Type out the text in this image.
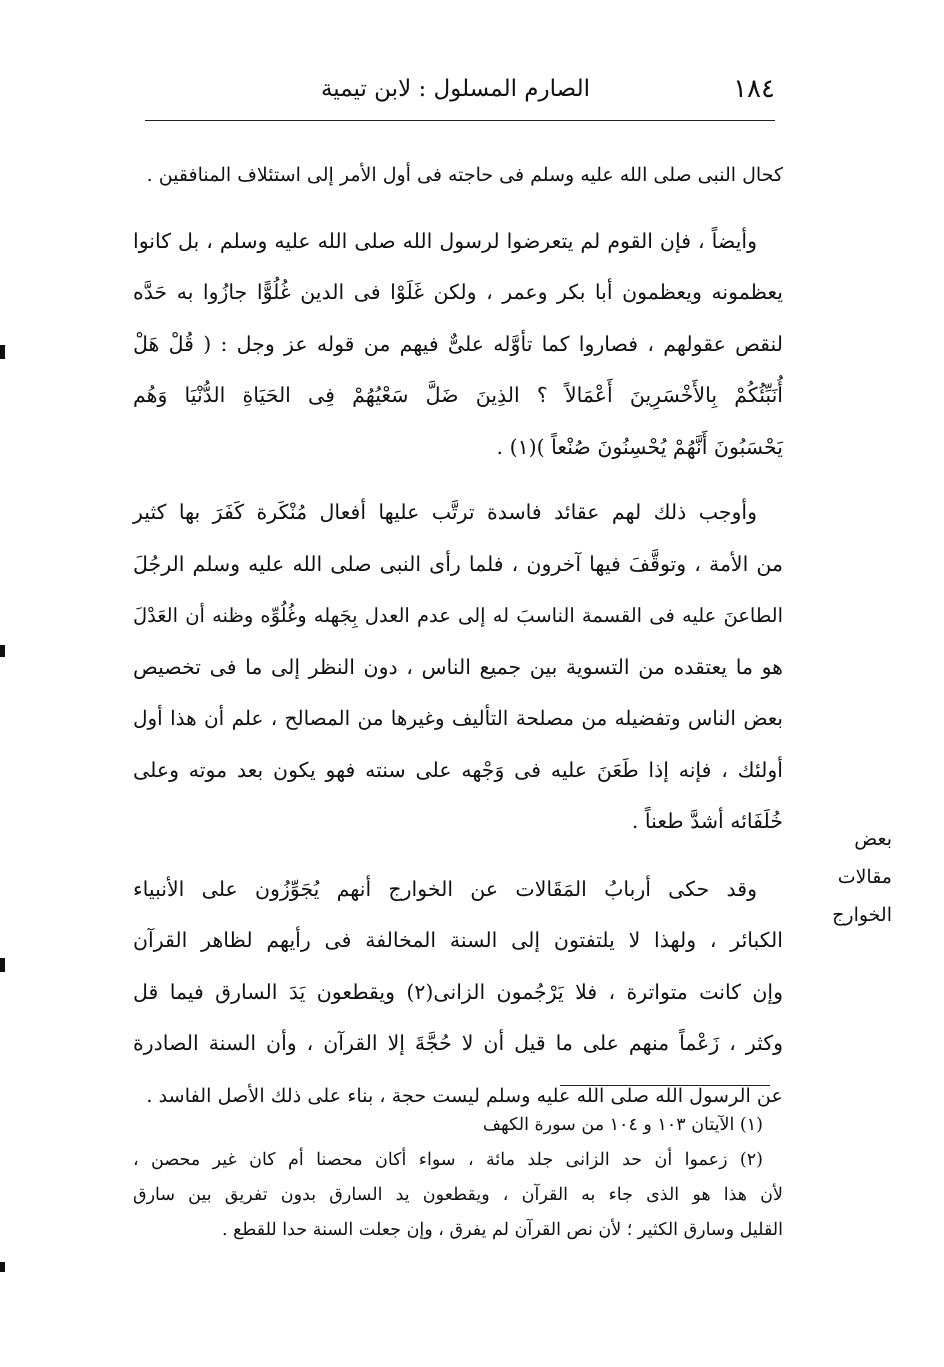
١٨٤
الصارم المسلول : لابن تيمية

كحال النبى صلى الله عليه وسلم فى حاجته فى أول الأمر إلى استئلاف المنافقين .

وأيضاً ، فإن القوم لم يتعرضوا لرسول الله صلى الله عليه وسلم ، بل كانوا
يعظمونه ويعظمون أبا بكر وعمر ، ولكن غَلَوْا فى الدين غُلُوًّا جازُوا به حَدَّه
لنقص عقولهم ، فصاروا كما تأوَّله علىٌّ فيهم من قوله عز وجل : ( قُلْ هَلْ
أُنَبِّئُكُمْ بِالأَخْسَرِينَ أَعْمَالاً ؟ الذِينَ ضَلَّ سَعْيُهُمْ فِى الحَيَاةِ الدُّنْيَا وَهُم
يَحْسَبُونَ أَنَّهُمْ يُحْسِنُونَ صُنْعاً )(١) .

وأوجب ذلك لهم عقائد فاسدة ترتَّب عليها أفعال مُنْكَرة كَفَرَ بها كثير
من الأمة ، وتوقَّفَ فيها آخرون ، فلما رأى النبى صلى الله عليه وسلم الرجُلَ
الطاعنَ عليه فى القسمة الناسبَ له إلى عدم العدل بِجَهله وغُلُوِّه وظنه أن العَدْلَ
هو ما يعتقده من التسوية بين جميع الناس ، دون النظر إلى ما فى تخصيص
بعض الناس وتفضيله من مصلحة التأليف وغيرها من المصالح ، علم أن هذا أول
أولئك ، فإنه إذا طَعَنَ عليه فى وَجْهه على سنته فهو يكون بعد موته وعلى
خُلَفَائه أشدَّ طعناً .

وقد حكى أربابُ المَقَالات عن الخوارج أنهم يُجَوِّزُون على الأنبياء
الكبائر ، ولهذا لا يلتفتون إلى السنة المخالفة فى رأيهم لظاهر القرآن
وإن كانت متواترة ، فلا يَرْجُمون الزانى(٢) ويقطعون يَدَ السارق فيما قل
وكثر ، زَعْماً منهم على ما قيل أن لا حُجَّةَ إلا القرآن ، وأن السنة الصادرة
عن الرسول الله صلى الله عليه وسلم ليست حجة ، بناء على ذلك الأصل الفاسد .

بعض مقالات
الخوارج
(١) الآيتان ١٠٣ و ١٠٤ من سورة الكهف
(٢) زعموا أن حد الزانى جلد مائة ، سواء أكان محصنا أم كان غير محصن ،
لأن هذا هو الذى جاء به القرآن ، ويقطعون يد السارق بدون تفريق بين سارق
القليل وسارق الكثير ؛ لأن نص القرآن لم يفرق ، وإن جعلت السنة حدا للقطع .
